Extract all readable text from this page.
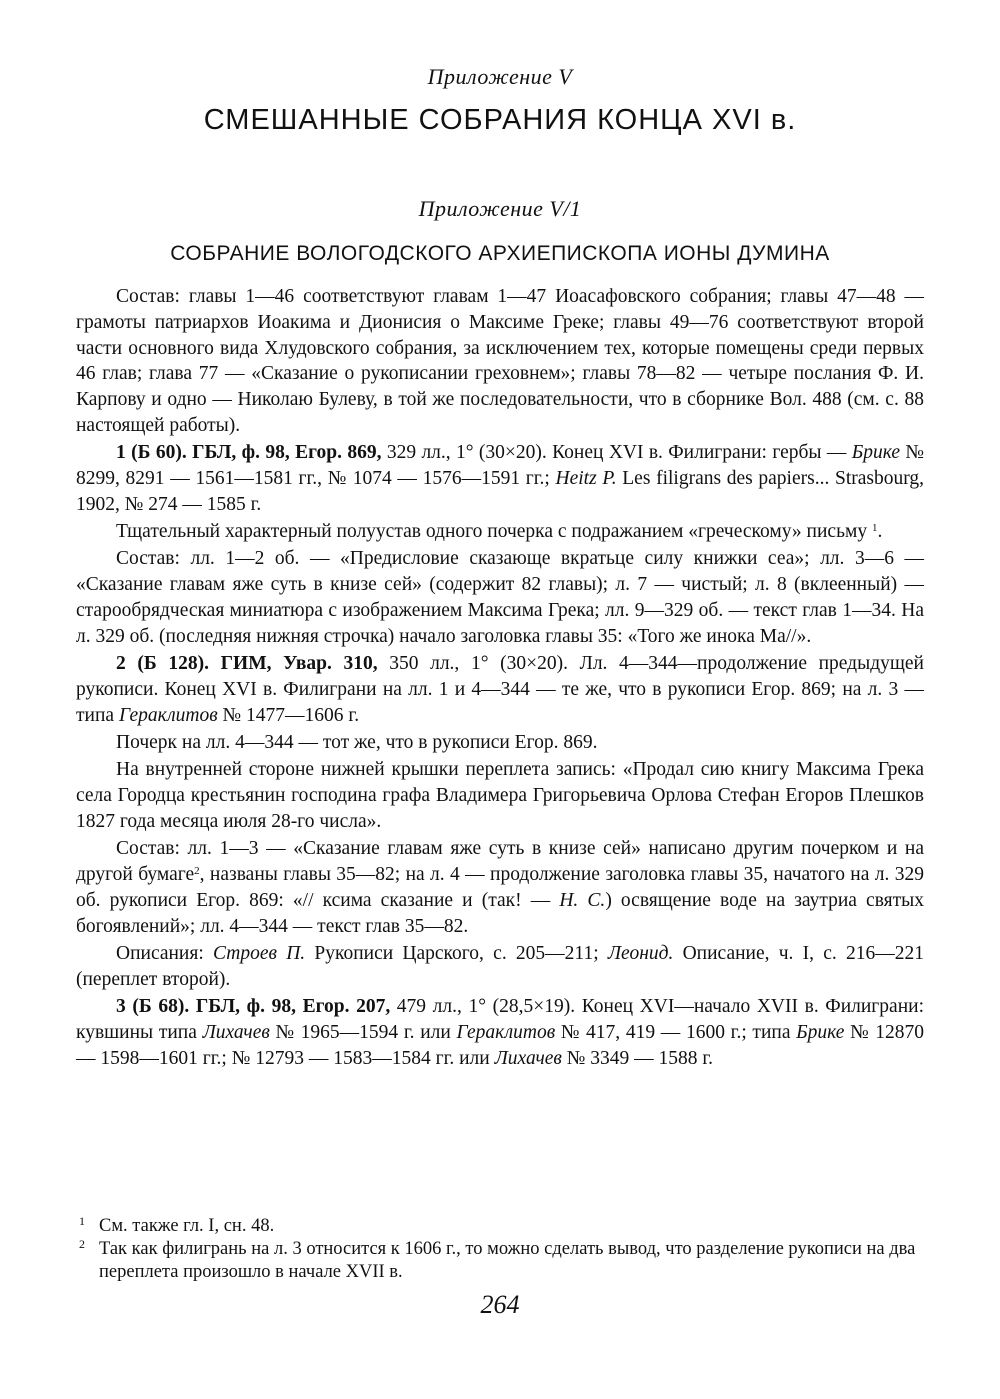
Приложение V
СМЕШАННЫЕ СОБРАНИЯ КОНЦА XVI в.
Приложение V/1
СОБРАНИЕ ВОЛОГОДСКОГО АРХИЕПИСКОПА ИОНЫ ДУМИНА

Состав: главы 1—46 соответствуют главам 1—47 Иоасафовского собрания; главы 47—48 — грамоты патриархов Иоакима и Дионисия о Максиме Греке; главы 49—76 соответствуют второй части основного вида Хлудовского собрания, за исключением тех, которые помещены среди первых 46 глав; глава 77 — «Сказание о рукописании греховнем»; главы 78—82 — четыре послания Ф. И. Карпову и одно — Николаю Булеву, в той же последовательности, что в сборнике Вол. 488 (см. с. 88 настоящей работы).

1 (Б 60). ГБЛ, ф. 98, Егор. 869, 329 лл., 1° (30×20). Конец XVI в. Филиграни: гербы — Брике № 8299, 8291 — 1561—1581 гг., № 1074 — 1576—1591 гг.; Heitz P. Les filigrans des papiers... Strasbourg, 1902, № 274 — 1585 г.

Тщательный характерный полуустав одного почерка с подражанием «греческому» письму $^1$.

Состав: лл. 1—2 об. — «Предисловие сказающе вкратьце силу книжки сеа»; лл. 3—6 — «Сказание главам яже суть в книзе сей» (содержит 82 главы); л. 7 — чистый; л. 8 (вклеенный) — старообрядческая миниатюра с изображением Максима Грека; лл. 9—329 об. — текст глав 1—34. На л. 329 об. (последняя нижняя строчка) начало заголовка главы 35: «Того же инока Ма//».

2 (Б 128). ГИМ, Увар. 310, 350 лл., 1° (30×20). Лл. 4—344—продолжение предыдущей рукописи. Конец XVI в. Филиграни на лл. 1 и 4—344 — те же, что в рукописи Егор. 869; на л. 3 — типа Гераклитов № 1477—1606 г.

Почерк на лл. 4—344 — тот же, что в рукописи Егор. 869.

На внутренней стороне нижней крышки переплета запись: «Продал сию книгу Максима Грека села Городца крестьянин господина графа Владимера Григорьевича Орлова Стефан Егоров Плешков 1827 года месяца июля 28-го числа».

Состав: лл. 1—3 — «Сказание главам яже суть в книзе сей» написано другим почерком и на другой бумаге$^2$, названы главы 35—82; на л. 4 — продолжение заголовка главы 35, начатого на л. 329 об. рукописи Егор. 869: «// ксима сказание и (так! — Н. С.) освящение воде на заутриа святых богоявлений»; лл. 4—344 — текст глав 35—82.

Описания: Строев П. Рукописи Царского, с. 205—211; Леонид. Описание, ч. I, с. 216—221 (переплет второй).

3 (Б 68). ГБЛ, ф. 98, Егор. 207, 479 лл., 1° (28,5×19). Конец XVI—начало XVII в. Филиграни: кувшины типа Лихачев № 1965—1594 г. или Гераклитов № 417, 419 — 1600 г.; типа Брике № 12870 — 1598—1601 гг.; № 12793 — 1583—1584 гг. или Лихачев № 3349 — 1588 г.

1 См. также гл. I, сн. 48.
2 Так как филигрань на л. 3 относится к 1606 г., то можно сделать вывод, что разделение рукописи на два переплета произошло в начале XVII в.
264
